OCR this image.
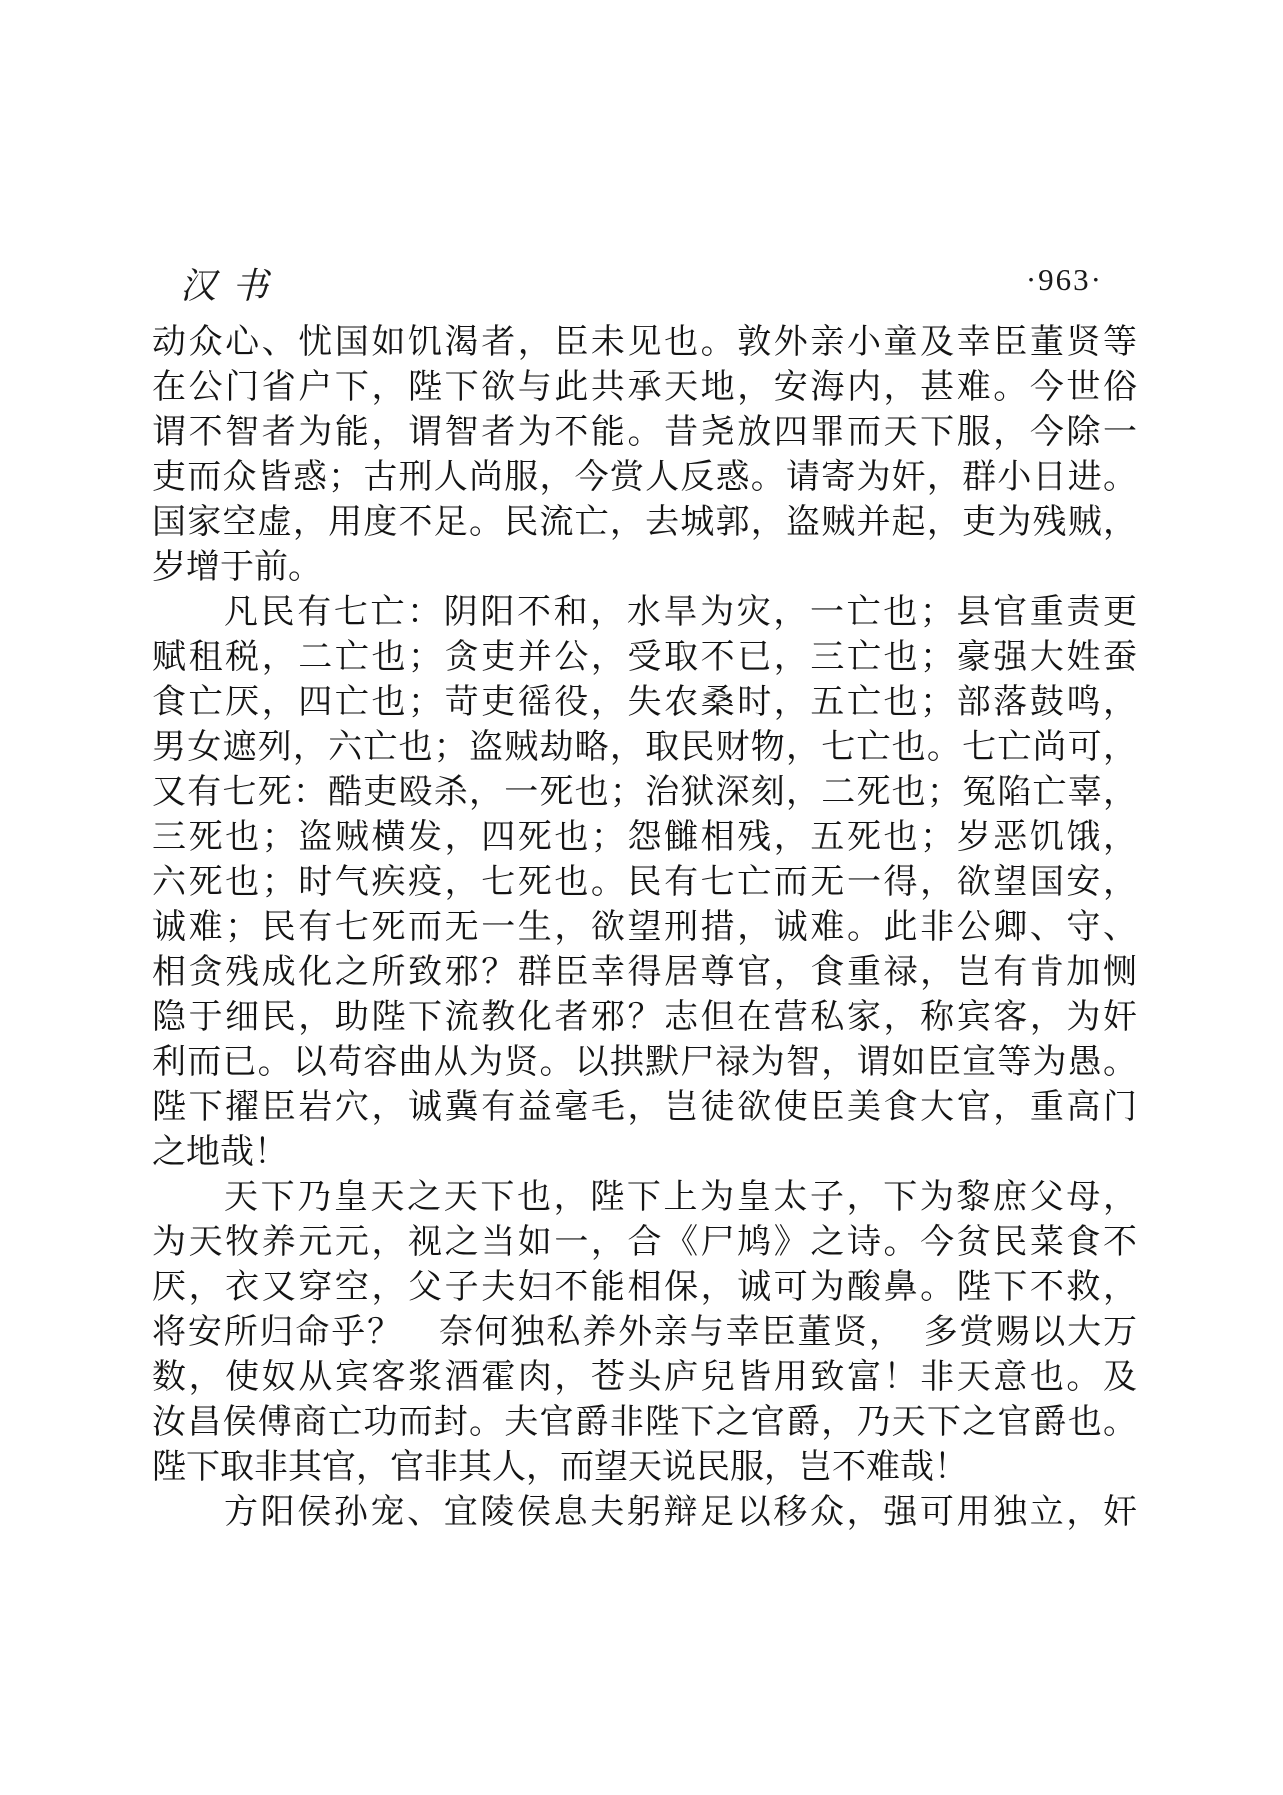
汉书	·963·
动众心、忧国如饥渴者，臣未见也。敦外亲小童及幸臣董贤等
在公门省户下，陛下欲与此共承天地，安海内，甚难。今世俗
谓不智者为能，谓智者为不能。昔尧放四罪而天下服，今除一
吏而众皆惑；古刑人尚服，今赏人反惑。请寄为奸，群小日进。
国家空虚，用度不足。民流亡，去城郭，盗贼并起，吏为残贼，
岁增于前。
凡民有七亡：阴阳不和，水旱为灾，一亡也；县官重责更
赋租税，二亡也；贪吏并公，受取不已，三亡也；豪强大姓蚕
食亡厌，四亡也；苛吏徭役，失农桑时，五亡也；部落鼓鸣，
男女遮列，六亡也；盗贼劫略，取民财物，七亡也。七亡尚可，
又有七死：酷吏殴杀，一死也；治狱深刻，二死也；冤陷亡辜，
三死也；盗贼横发，四死也；怨雠相残，五死也；岁恶饥饿，
六死也；时气疾疫，七死也。民有七亡而无一得，欲望国安，
诚难；民有七死而无一生，欲望刑措，诚难。此非公卿、守、
相贪残成化之所致邪？群臣幸得居尊官，食重禄，岂有肯加恻
隐于细民，助陛下流教化者邪？志但在营私家，称宾客，为奸
利而已。以苟容曲从为贤。以拱默尸禄为智，谓如臣宣等为愚。
陛下擢臣岩穴，诚冀有益毫毛，岂徒欲使臣美食大官，重高门
之地哉！
天下乃皇天之天下也，陛下上为皇太子，下为黎庶父母，
为天牧养元元，视之当如一，合《尸鸠》之诗。今贫民菜食不
厌，衣又穿空，父子夫妇不能相保，诚可为酸鼻。陛下不救，
将安所归命乎？　奈何独私养外亲与幸臣董贤，　多赏赐以大万
数，使奴从宾客浆酒霍肉，苍头庐兒皆用致富！非天意也。及
汝昌侯傅商亡功而封。夫官爵非陛下之官爵，乃天下之官爵也。
陛下取非其官，官非其人，而望天说民服，岂不难哉！
方阳侯孙宠、宜陵侯息夫躬辩足以移众，强可用独立，奸
